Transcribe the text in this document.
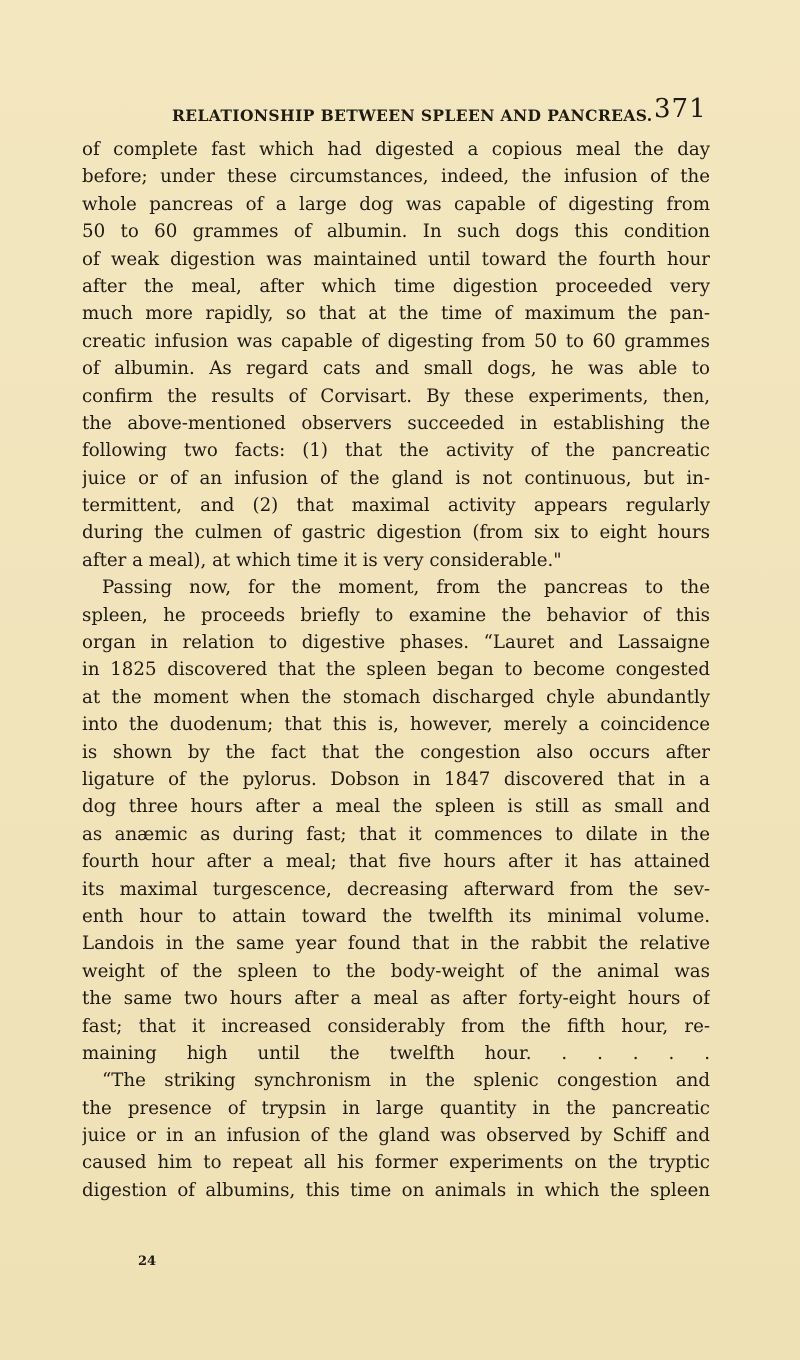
RELATIONSHIP BETWEEN SPLEEN AND PANCREAS. 371
of complete fast which had digested a copious meal the day
before; under these circumstances, indeed, the infusion of the
whole pancreas of a large dog was capable of digesting from
50 to 60 grammes of albumin. In such dogs this condition
of weak digestion was maintained until toward the fourth hour
after the meal, after which time digestion proceeded very
much more rapidly, so that at the time of maximum the pan-
creatic infusion was capable of digesting from 50 to 60 grammes
of albumin. As regard cats and small dogs, he was able to
confirm the results of Corvisart. By these experiments, then,
the above-mentioned observers succeeded in establishing the
following two facts: (1) that the activity of the pancreatic
juice or of an infusion of the gland is not continuous, but in-
termittent, and (2) that maximal activity appears regularly
during the culmen of gastric digestion (from six to eight hours
after a meal), at which time it is very considerable."
Passing now, for the moment, from the pancreas to the
spleen, he proceeds briefly to examine the behavior of this
organ in relation to digestive phases. “Lauret and Lassaigne
in 1825 discovered that the spleen began to become congested
at the moment when the stomach discharged chyle abundantly
into the duodenum; that this is, however, merely a coincidence
is shown by the fact that the congestion also occurs after
ligature of the pylorus. Dobson in 1847 discovered that in a
dog three hours after a meal the spleen is still as small and
as anæmic as during fast; that it commences to dilate in the
fourth hour after a meal; that five hours after it has attained
its maximal turgescence, decreasing afterward from the sev-
enth hour to attain toward the twelfth its minimal volume.
Landois in the same year found that in the rabbit the relative
weight of the spleen to the body-weight of the animal was
the same two hours after a meal as after forty-eight hours of
fast; that it increased considerably from the fifth hour, re-
maining high until the twelfth hour. . . . . .
“The striking synchronism in the splenic congestion and
the presence of trypsin in large quantity in the pancreatic
juice or in an infusion of the gland was observed by Schiff and
caused him to repeat all his former experiments on the tryptic
digestion of albumins, this time on animals in which the spleen
24
